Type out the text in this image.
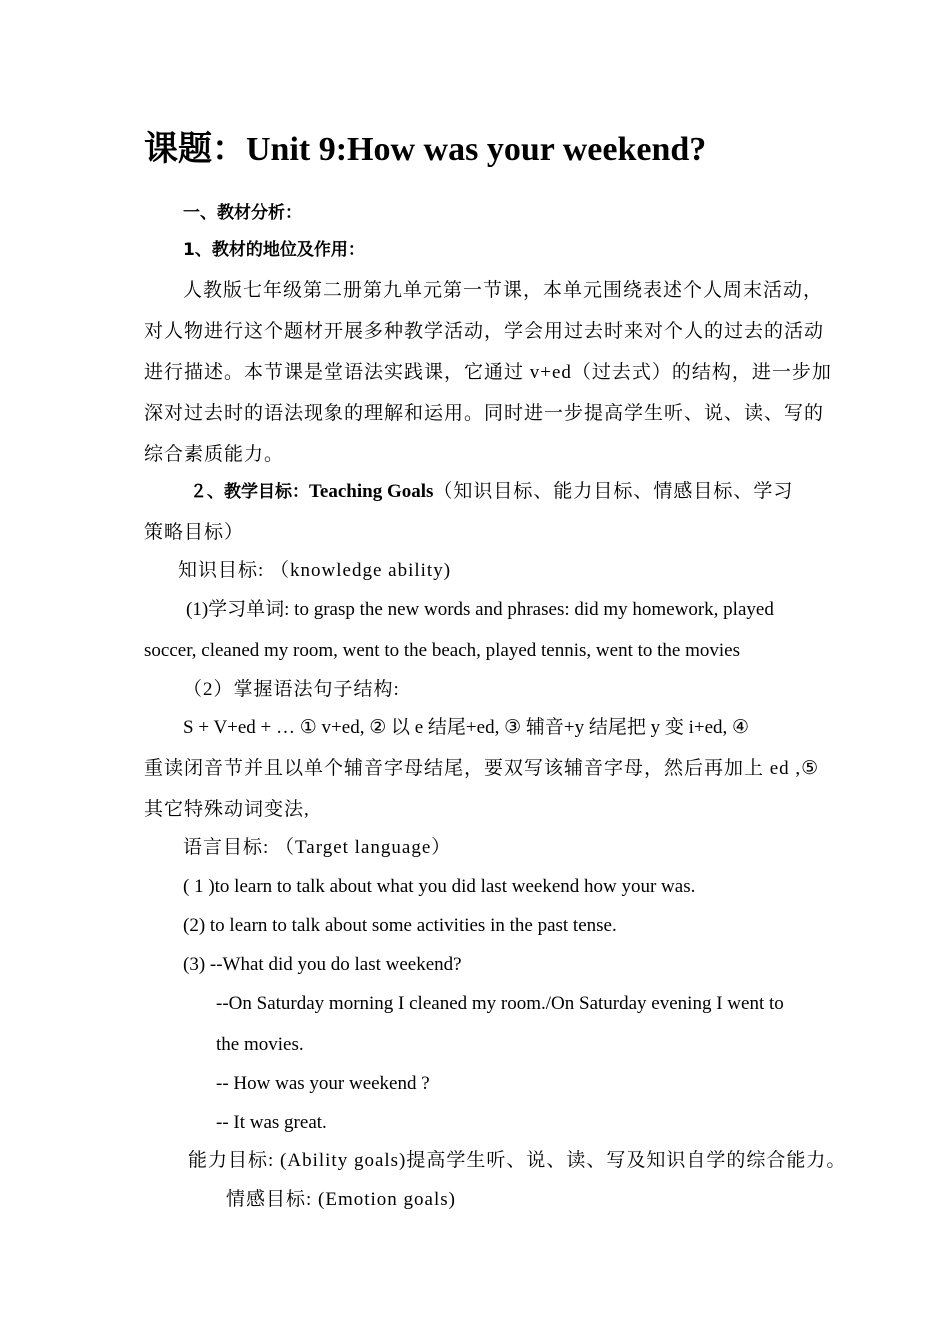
课题：Unit 9:How was your weekend?
一、教材分析：
1、教材的地位及作用：
人教版七年级第二册第九单元第一节课，本单元围绕表述个人周末活动，
对人物进行这个题材开展多种教学活动，学会用过去时来对个人的过去的活动
进行描述。本节课是堂语法实践课，它通过 v+ed（过去式）的结构，进一步加
深对过去时的语法现象的理解和运用。同时进一步提高学生听、说、读、写的
综合素质能力。
２、教学目标：Teaching Goals（知识目标、能力目标、情感目标、学习
策略目标）
知识目标: （knowledge ability)
(1)学习单词: to grasp the new words and phrases: did my homework, played
soccer, cleaned my room, went to the beach, played tennis, went to the movies
（2）掌握语法句子结构:
S + V+ed + … ① v+ed, ② 以 e 结尾+ed, ③ 辅音+y 结尾把 y 变 i+ed, ④
重读闭音节并且以单个辅音字母结尾，要双写该辅音字母，然后再加上 ed ,⑤
其它特殊动词变法,
语言目标: （Target language）
( 1 )to learn to talk about what you did last weekend how your was.
(2) to learn to talk about some activities in the past tense.
(3) --What did you do last weekend?
--On Saturday morning I cleaned my room./On Saturday evening I went to
the movies.
-- How was your weekend ?
-- It was great.
能力目标: (Ability goals)提高学生听、说、读、写及知识自学的综合能力。
情感目标: (Emotion goals)
